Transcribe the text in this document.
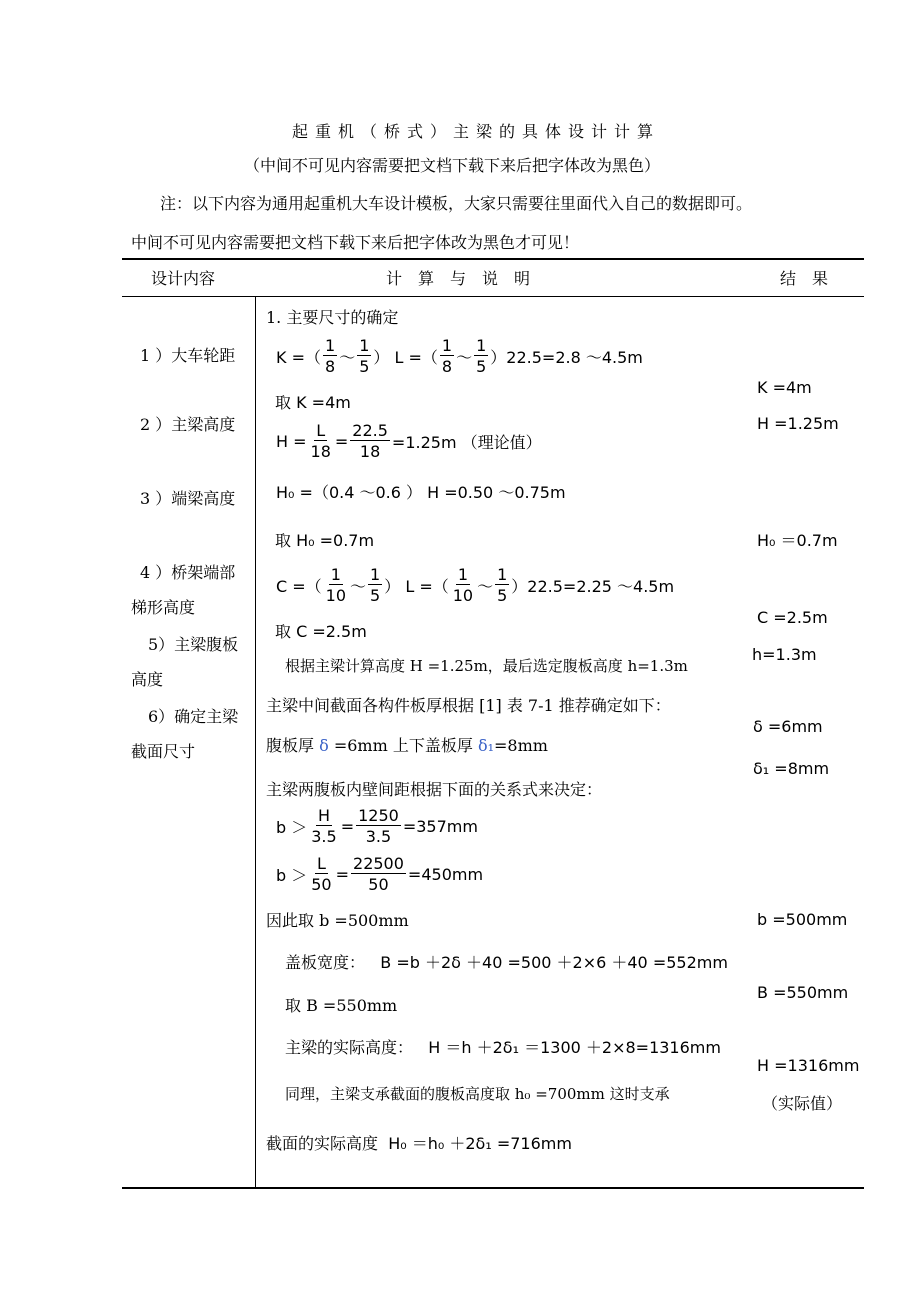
起重机（桥式）主梁的具体设计计算
（中间不可见内容需要把文档下载下来后把字体改为黑色）
注：以下内容为通用起重机大车设计模板，大家只需要往里面代入自己的数据即可。
中间不可见内容需要把文档下载下来后把字体改为黑色才可见！
设计内容	计　算　与　说　明	结　果
1 ）大车轮距
2 ）主梁高度
3 ）端梁高度
4 ）桥架端部
梯形高度
5）主梁腹板
高度
6）确定主梁
截面尺寸
1. 主要尺寸的确定
K =（ $\frac{1}{8}$ ～ $\frac{1}{5}$ ） L =（ $\frac{1}{8}$ ～ $\frac{1}{5} )22.5=2.8$ ～4.5m
取 K =4m
$H = \frac{L}{18} = \frac{22.5}{18} =1.25m$ （理论值）
H₀ =（0.4 ～0.6 ） H =0.50 ～0.75m
取 H₀ =0.7m
C =（ $\frac{1}{10}$ ～ $\frac{1}{5}$ ） L =（ $\frac{1}{10}$ ～ $\frac{1}{5} )22.5=2.25$ ～4.5m
取 C =2.5m
根据主梁计算高度 H =1.25m，最后选定腹板高度 h=1.3m
主梁中间截面各构件板厚根据 [1] 表 7-1 推荐确定如下：
腹板厚 δ =6mm 上下盖板厚 δ₁=8mm
主梁两腹板内壁间距根据下面的关系式来决定：
$b > \frac{H}{3.5} = \frac{1250}{3.5} =357mm$
$b > \frac{L}{50} = \frac{22500}{50} =450mm$
因此取 b =500mm
盖板宽度： B =b ＋2δ ＋40 =500 ＋2×6 ＋40 =552mm
取 B =550mm
主梁的实际高度： H ＝h ＋2δ₁ ＝1300 ＋2×8=1316mm
同理，主梁支承截面的腹板高度取 h₀ =700mm 这时支承
截面的实际高度 H₀ ＝h₀ ＋2δ₁ =716mm
K =4m
H =1.25m
H₀ ＝0.7m
C =2.5m
h=1.3m
δ =6mm
δ₁ =8mm
b =500mm
B =550mm
H =1316mm
（实际值）
